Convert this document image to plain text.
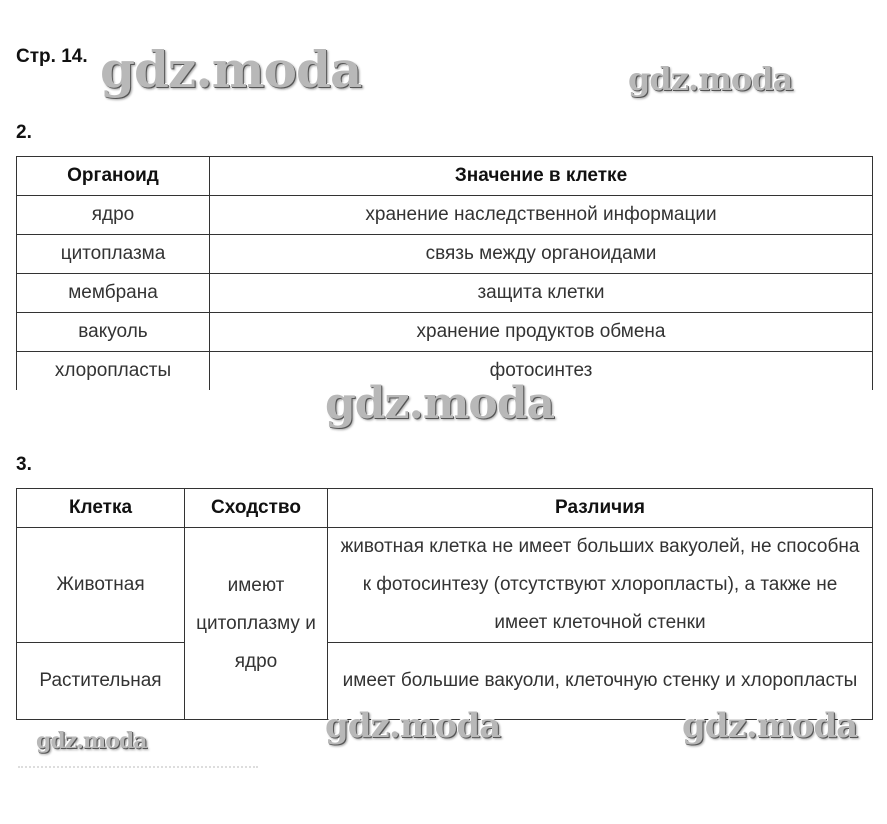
Стр. 14. gdz.moda	gdz.moda
2.
Органоид	Значение в клетке
ядро	хранение наследственной информации
цитоплазма	связь между органоидами
мембрана	защита клетки
вакуоль	хранение продуктов обмена
хлоропласты	фотосинтез
gdz.moda
3.
Клетка	Сходство	Различия
Животная	имеют цитоплазму и ядро	животная клетка не имеет больших вакуолей, не способна к фотосинтезу (отсутствуют хлоропласты), а также не имеет клеточной стенки
Растительная		имеет большие вакуоли, клеточную стенку и хлоропласты
gdz.moda	gdz.moda	gdz.moda
